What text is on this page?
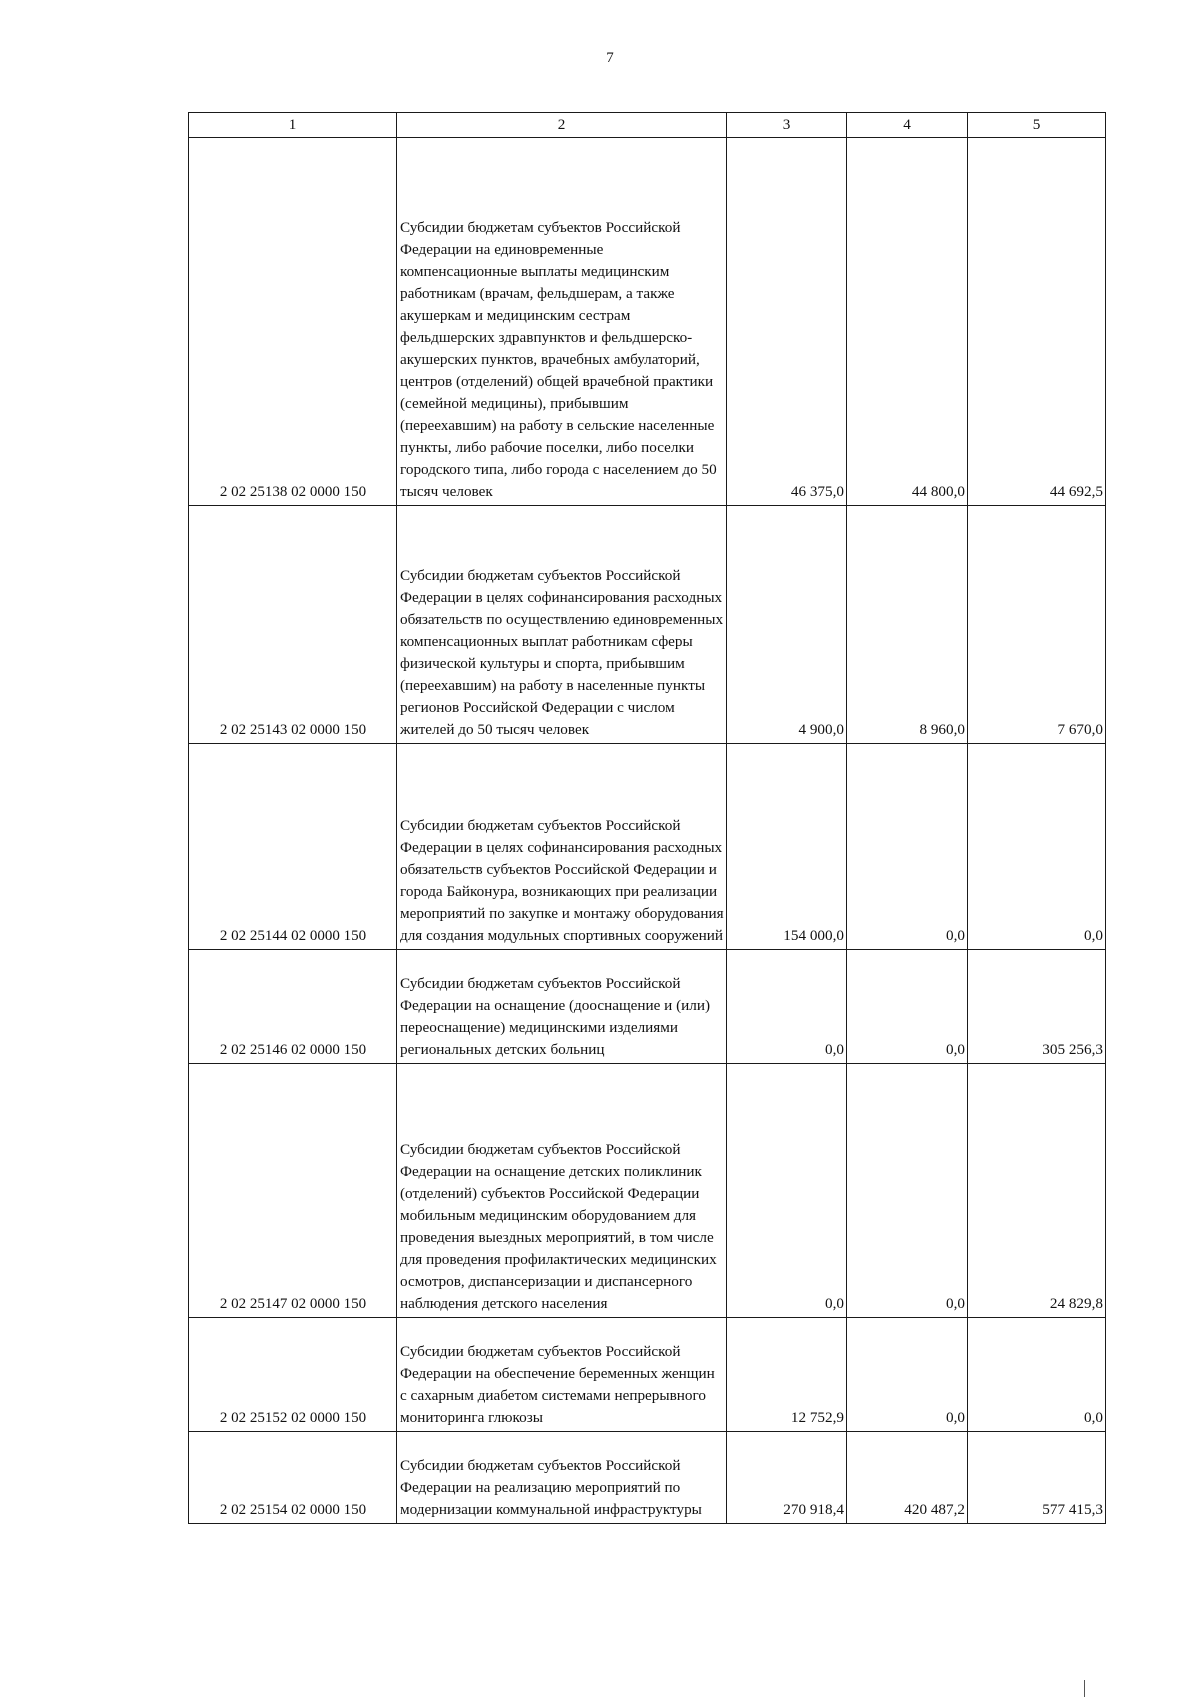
7
1	2	3	4	5
2 02 25138 02 0000 150	Субсидии бюджетам субъектов Российской Федерации на единовременные компенсационные выплаты медицинским работникам (врачам, фельдшерам, а также акушеркам и медицинским сестрам фельдшерских здравпунктов и фельдшерско-акушерских пунктов, врачебных амбулаторий, центров (отделений) общей врачебной практики (семейной медицины), прибывшим (переехавшим) на работу в сельские населенные пункты, либо рабочие поселки, либо поселки городского типа, либо города с населением до 50 тысяч человек	46 375,0	44 800,0	44 692,5
2 02 25143 02 0000 150	Субсидии бюджетам субъектов Российской Федерации в целях софинансирования расходных обязательств по осуществлению единовременных компенсационных выплат работникам сферы физической культуры и спорта, прибывшим (переехавшим) на работу в населенные пункты регионов Российской Федерации с числом жителей до 50 тысяч человек	4 900,0	8 960,0	7 670,0
2 02 25144 02 0000 150	Субсидии бюджетам субъектов Российской Федерации в целях софинансирования расходных обязательств субъектов Российской Федерации и города Байконура, возникающих при реализации мероприятий по закупке и монтажу оборудования для создания модульных спортивных сооружений	154 000,0	0,0	0,0
2 02 25146 02 0000 150	Субсидии бюджетам субъектов Российской Федерации на оснащение (дооснащение и (или) переоснащение) медицинскими изделиями региональных детских больниц	0,0	0,0	305 256,3
2 02 25147 02 0000 150	Субсидии бюджетам субъектов Российской Федерации на оснащение детских поликлиник (отделений) субъектов Российской Федерации мобильным медицинским оборудованием для проведения выездных мероприятий, в том числе для проведения профилактических медицинских осмотров, диспансеризации и диспансерного наблюдения детского населения	0,0	0,0	24 829,8
2 02 25152 02 0000 150	Субсидии бюджетам субъектов Российской Федерации на обеспечение беременных женщин с сахарным диабетом системами непрерывного мониторинга глюкозы	12 752,9	0,0	0,0
2 02 25154 02 0000 150	Субсидии бюджетам субъектов Российской Федерации на реализацию мероприятий по модернизации коммунальной инфраструктуры	270 918,4	420 487,2	577 415,3
